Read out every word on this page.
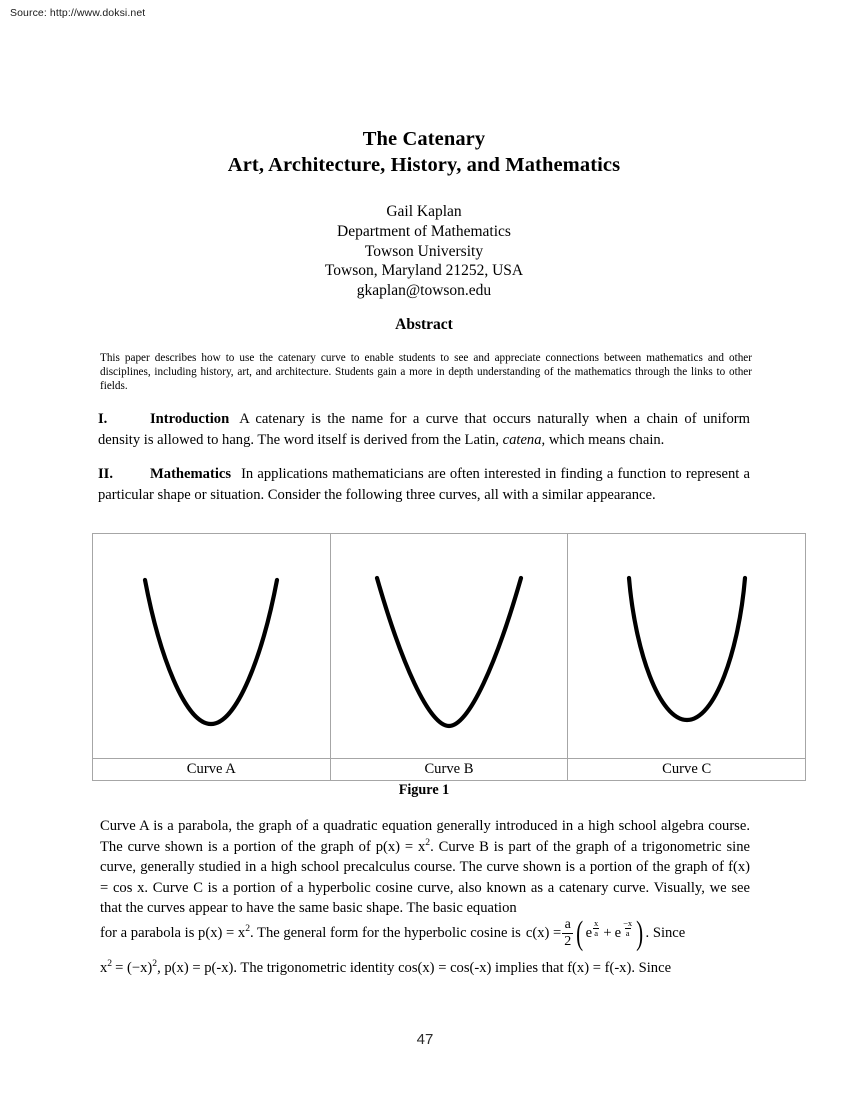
Source: http://www.doksi.net
The Catenary
Art, Architecture, History, and Mathematics
Gail Kaplan
Department of Mathematics
Towson University
Towson, Maryland 21252, USA
gkaplan@towson.edu
Abstract
This paper describes how to use the catenary curve to enable students to see and appreciate connections between mathematics and other disciplines, including history, art, and architecture. Students gain a more in depth understanding of the mathematics through the links to other fields.
I.	Introduction A catenary is the name for a curve that occurs naturally when a chain of uniform density is allowed to hang. The word itself is derived from the Latin, catena, which means chain.
II.	Mathematics In applications mathematicians are often interested in finding a function to represent a particular shape or situation. Consider the following three curves, all with a similar appearance.

Curve A	Curve B	Curve C
Figure 1
Curve A is a parabola, the graph of a quadratic equation generally introduced in a high school algebra course. The curve shown is a portion of the graph of $p(x) = x^2$. Curve B is part of the graph of a trigonometric sine curve, generally studied in a high school precalculus course. The curve shown is a portion of the graph of f(x) = cos x. Curve C is a portion of a hyperbolic cosine curve, also known as a catenary curve. Visually, we see that the curves appear to have the same basic shape. The basic equation
for a parabola is $p(x) = x^2$. The general form for the hyperbolic cosine is $c(x) = \frac{a}{2}$ ( e $\frac{x}{a} + e \frac{-x}{a}$ ) . Since
$x^2 = (-x)^2$, p(x) = p(-x). The trigonometric identity cos(x) = cos(-x) implies that f(x) = f(-x). Since
47
